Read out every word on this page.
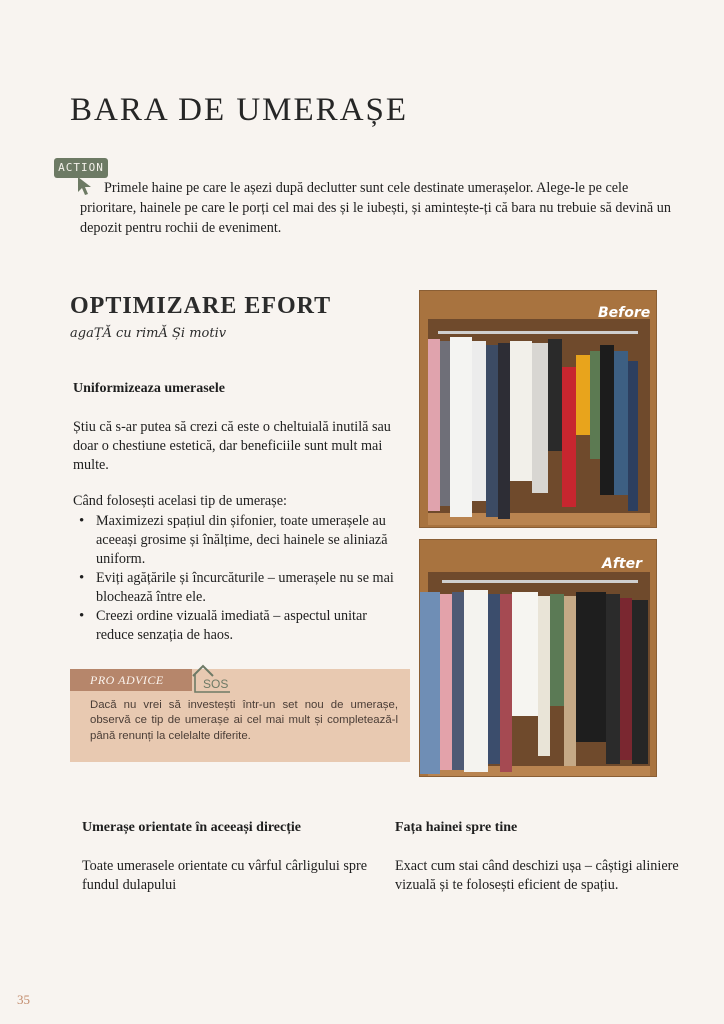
BARA DE UMERAȘE
ACTION

Primele haine pe care le așezi după declutter sunt cele destinate umerașelor. Alege-le pe cele prioritare, hainele pe care le porți cel mai des și le iubești, și amintește-ți că bara nu trebuie să devină un depozit pentru rochii de eveniment.

OPTIMIZARE EFORT
agaȚĂ cu rimĂ Și motiv
Uniformizeaza umerasele

Știu că s-ar putea să crezi că este o cheltuială inutilă sau doar o chestiune estetică, dar beneficiile sunt mult mai multe.

Când folosești acelasi tip de umerașe:

• Maximizezi spațiul din șifonier, toate umerașele au aceeași grosime și înălțime, deci hainele se aliniază uniform.
• Eviți agățările și încurcăturile – umerașele nu se mai blochează între ele.
• Creezi ordine vizuală imediată – aspectul unitar reduce senzația de haos.
PRO ADVICE	SOS

Dacă nu vrei să investești într-un set nou de umerașe, observă ce tip de umerașe ai cel mai mult și completează-l până renunți la celelalte diferite.

Before
After
Umerașe orientate în aceeași direcție	Fața hainei spre tine

Toate umerasele orientate cu vârful cârligului spre fundul dulapului

Exact cum stai când deschizi ușa – câștigi aliniere vizuală și te folosești eficient de spațiu.

35
